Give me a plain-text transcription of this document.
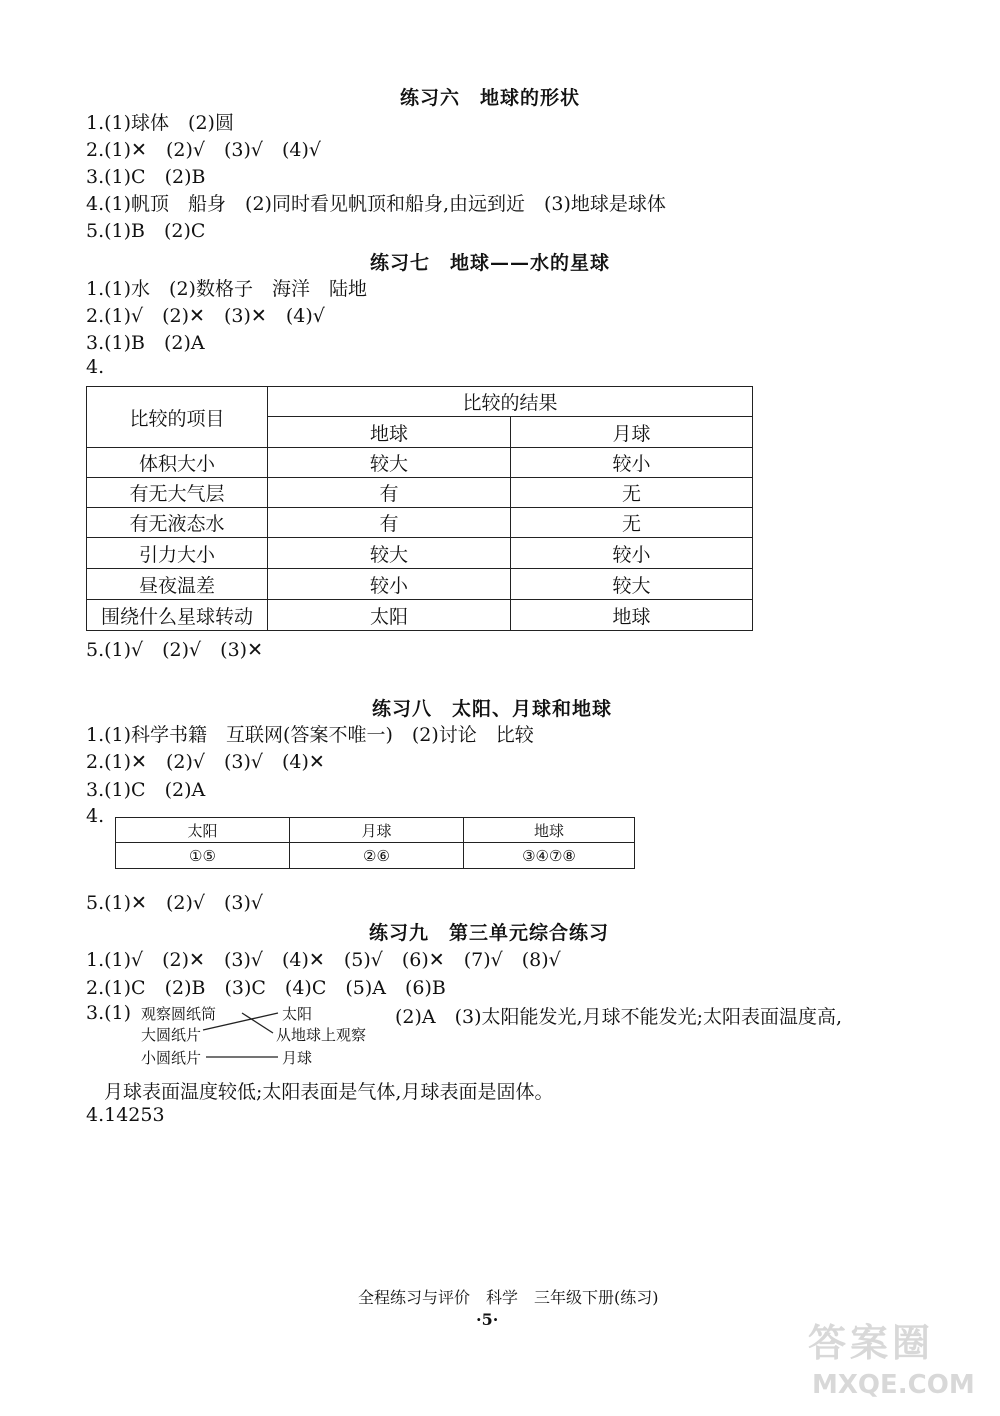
练习六　地球的形状
1.(1)球体　(2)圆
2.(1)✕　(2)√　(3)√　(4)√
3.(1)C　(2)B
4.(1)帆顶　船身　(2)同时看见帆顶和船身,由远到近　(3)地球是球体
5.(1)B　(2)C
练习七　地球——水的星球
1.(1)水　(2)数格子　海洋　陆地
2.(1)√　(2)✕　(3)✕　(4)√
3.(1)B　(2)A
4.
比较的项目	比较的结果	
	地球	月球
体积大小	较大	较小
有无大气层	有	无
有无液态水	有	无
引力大小	较大	较小
昼夜温差	较小	较大
围绕什么星球转动	太阳	地球
5.(1)√　(2)√　(3)✕
练习八　太阳、月球和地球
1.(1)科学书籍　互联网(答案不唯一)　(2)讨论　比较
2.(1)✕　(2)√　(3)√　(4)✕
3.(1)C　(2)A
4.
太阳	月球	地球
①⑤	②⑥	③④⑦⑧
5.(1)✕　(2)√　(3)√
练习九　第三单元综合练习
1.(1)√　(2)✕　(3)√　(4)✕　(5)√　(6)✕　(7)√　(8)√
2.(1)C　(2)B　(3)C　(4)C　(5)A　(6)B
3.(1) 观察圆纸筒
大圆纸片
小圆纸片
太阳
从地球上观察
月球
(2)A　(3)太阳能发光,月球不能发光;太阳表面温度高,
月球表面温度较低;太阳表面是气体,月球表面是固体。
4.14253
全程练习与评价　科学　三年级下册(练习)
·5·
答案圈
MXQE.COM
